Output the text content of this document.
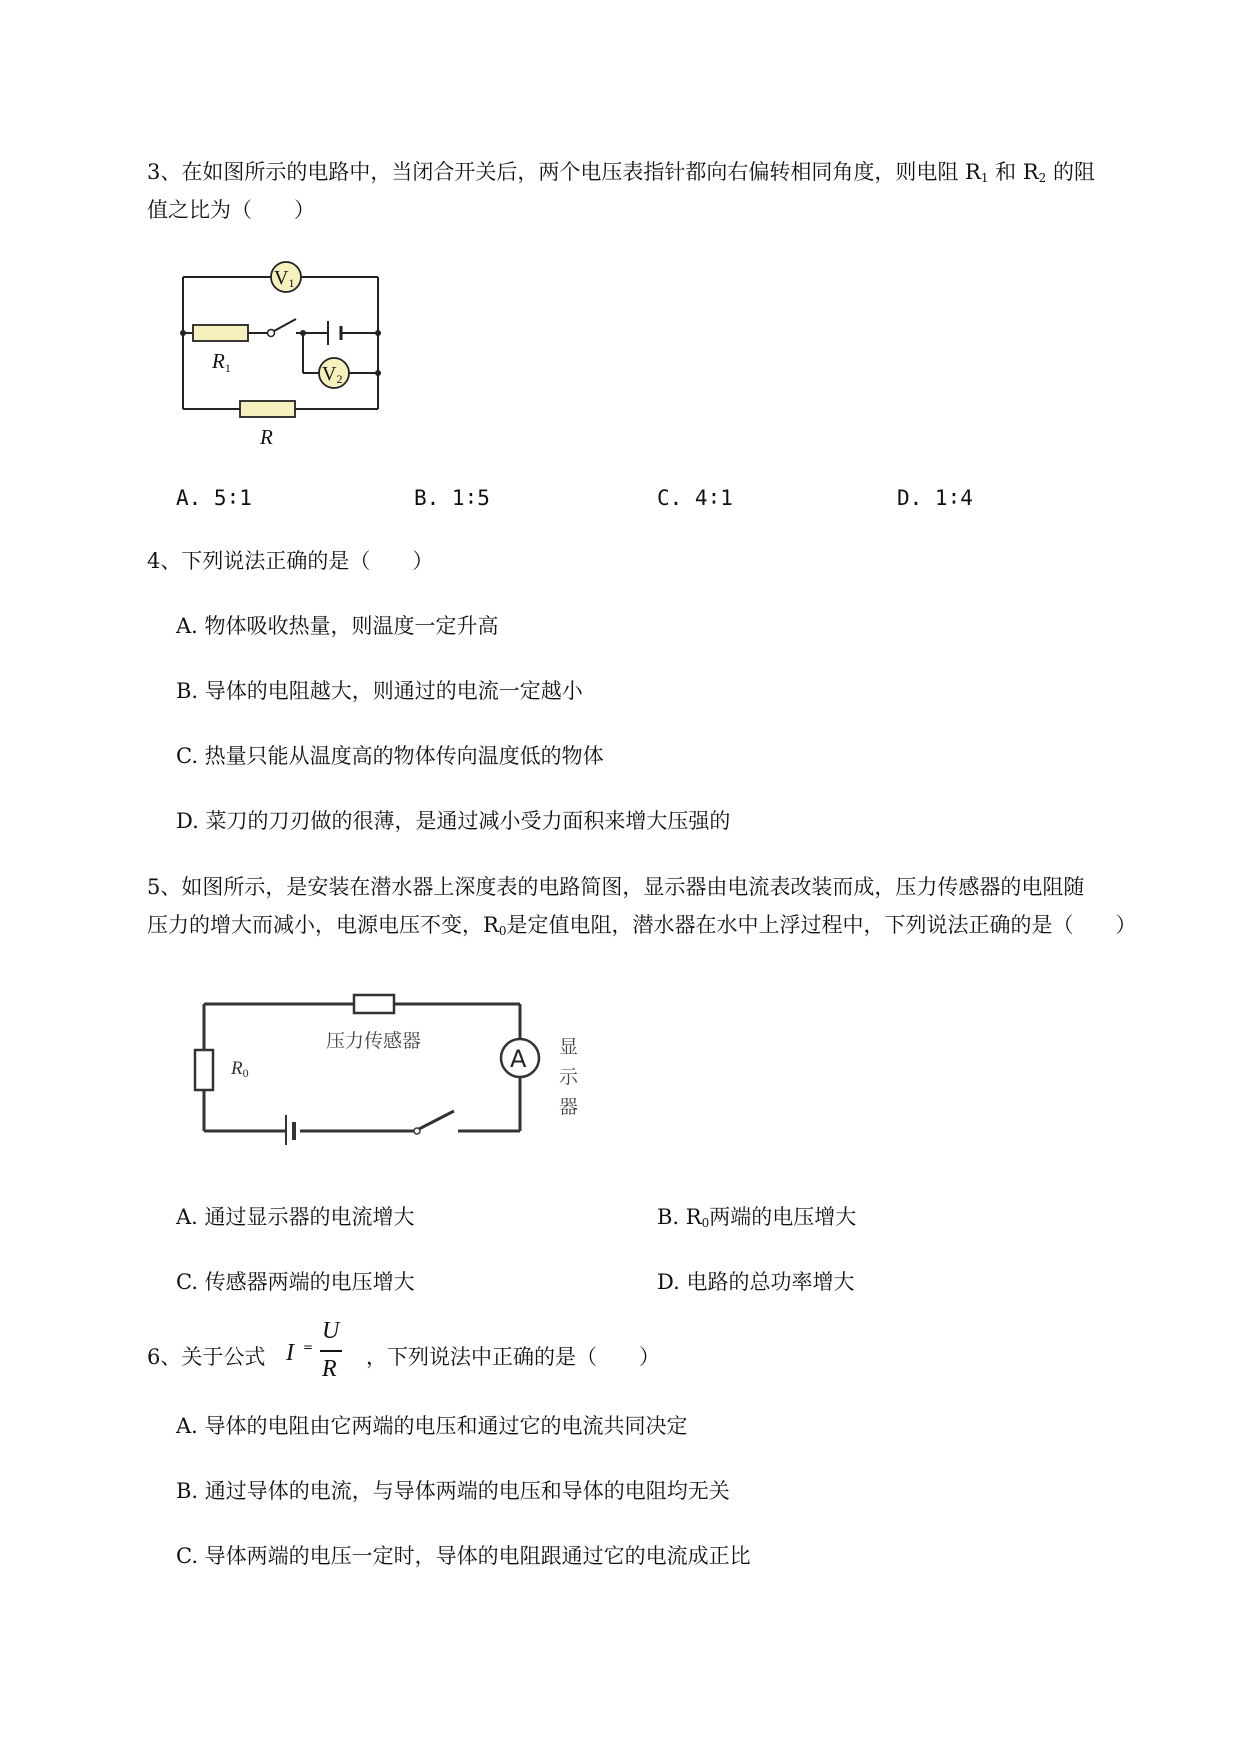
3、在如图所示的电路中，当闭合开关后，两个电压表指针都向右偏转相同角度，则电阻 $R_1$ 和 $R_2$ 的阻
值之比为（　　）
V1
V2
R1
R
A. 5∶1	B. 1∶5	C. 4∶1	D. 1∶4
4、下列说法正确的是（　　）
A. 物体吸收热量，则温度一定升高
B. 导体的电阻越大，则通过的电流一定越小
C. 热量只能从温度高的物体传向温度低的物体
D. 菜刀的刀刃做的很薄，是通过减小受力面积来增大压强的
5、如图所示，是安装在潜水器上深度表的电路简图，显示器由电流表改装而成，压力传感器的电阻随
压力的增大而减小，电源电压不变，$R_0$是定值电阻，潜水器在水中上浮过程中，下列说法正确的是（　　）
A
压力传感器
R0
显
示
器
A. 通过显示器的电流增大	B. $R_0$两端的电压增大
C. 传感器两端的电压增大	D. 电路的总功率增大
6、关于公式 I =
U
R ，下列说法中正确的是（　　）
A. 导体的电阻由它两端的电压和通过它的电流共同决定
B. 通过导体的电流，与导体两端的电压和导体的电阻均无关
C. 导体两端的电压一定时，导体的电阻跟通过它的电流成正比
